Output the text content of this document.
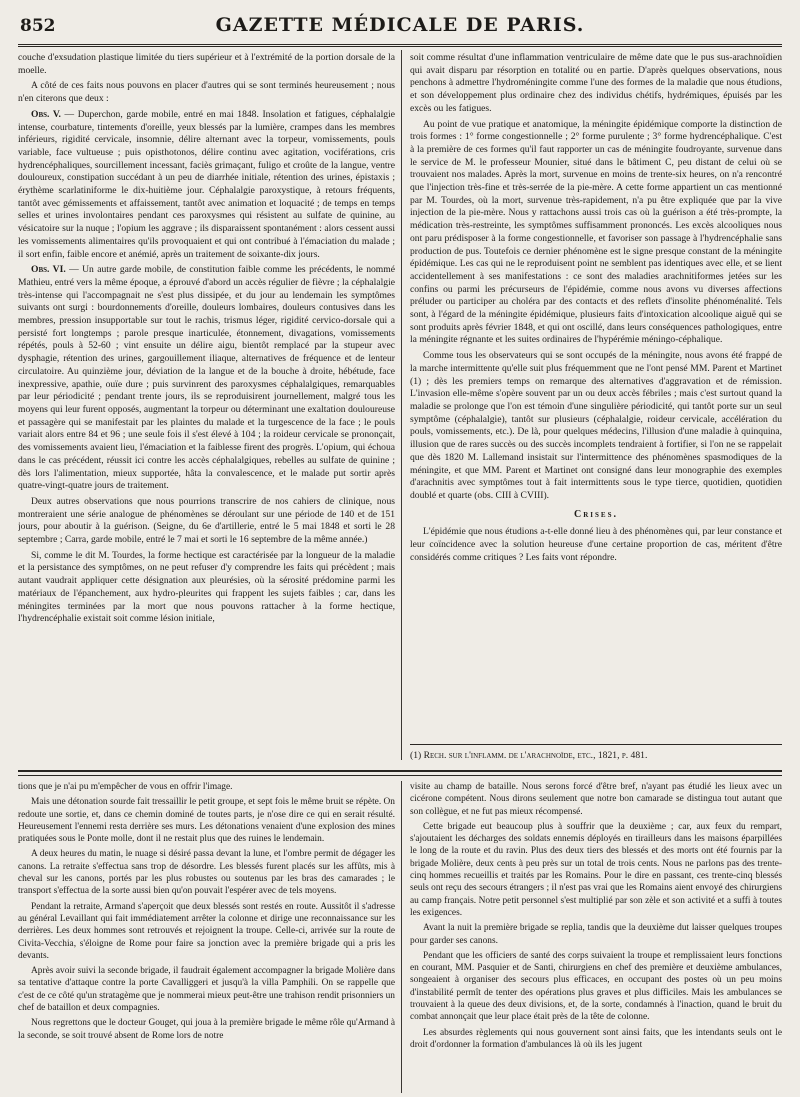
852	GAZETTE MÉDICALE DE PARIS.

couche d'exsudation plastique limitée du tiers supérieur et à l'extrémité de la portion dorsale de la moelle.

A côté de ces faits nous pouvons en placer d'autres qui se sont terminés heureusement ; nous n'en citerons que deux :

Obs. V. — Duperchon, garde mobile, entré en mai 1848. Insolation et fatigues, céphalalgie intense, courbature, tintements d'oreille, yeux blessés par la lumière, crampes dans les membres inférieurs, rigidité cervicale, insomnie, délire alternant avec la torpeur, vomissements, pouls variable, face vultueuse ; puis opisthotonos, délire continu avec agitation, vociférations, cris hydrencéphaliques, sourcillement incessant, faciès grimaçant, fuligo et croûte de la langue, ventre douloureux, constipation succédant à un peu de diarrhée initiale, rétention des urines, épistaxis ; érythème scarlatiniforme le dix-huitième jour. Céphalalgie paroxystique, à retours fréquents, tantôt avec gémissements et affaissement, tantôt avec animation et loquacité ; de temps en temps selles et urines involontaires pendant ces paroxysmes qui résistent au sulfate de quinine, au vésicatoire sur la nuque ; l'opium les aggrave ; ils disparaissent spontanément : alors cessent aussi les vomissements alimentaires qu'ils provoquaient et qui ont contribué à l'émaciation du malade ; il sort enfin, faible encore et anémié, après un traitement de soixante-dix jours.

Obs. VI. — Un autre garde mobile, de constitution faible comme les précédents, le nommé Mathieu, entré vers la même époque, a éprouvé d'abord un accès régulier de fièvre ; la céphalalgie très-intense qui l'accompagnait ne s'est plus dissipée, et du jour au lendemain les symptômes suivants ont surgi : bourdonnements d'oreille, douleurs lombaires, douleurs contusives dans les membres, pression insupportable sur tout le rachis, trismus léger, rigidité cervico-dorsale qui a persisté fort longtemps ; parole presque inarticulée, étonnement, divagations, vomissements répétés, pouls à 52-60 ; vint ensuite un délire aigu, bientôt remplacé par la stupeur avec dysphagie, rétention des urines, gargouillement iliaque, alternatives de fréquence et de lenteur circulatoire. Au quinzième jour, déviation de la langue et de la bouche à droite, hébétude, face inexpressive, apathie, ouïe dure ; puis survinrent des paroxysmes céphalalgiques, remarquables par leur périodicité ; pendant trente jours, ils se reproduisirent journellement, malgré tous les moyens qui leur furent opposés, augmentant la torpeur ou déterminant une exaltation douloureuse et passagère qui se manifestait par les plaintes du malade et la turgescence de la face ; le pouls variait alors entre 84 et 96 ; une seule fois il s'est élevé à 104 ; la roideur cervicale se prononçait, des vomissements avaient lieu, l'émaciation et la faiblesse firent des progrès. L'opium, qui échoua dans le cas précédent, réussit ici contre les accès céphalalgiques, rebelles au sulfate de quinine ; dès lors l'alimentation, mieux supportée, hâta la convalescence, et le malade put sortir après quatre-vingt-quatre jours de traitement.

Deux autres observations que nous pourrions transcrire de nos cahiers de clinique, nous montreraient une série analogue de phénomènes se déroulant sur une période de 140 et de 151 jours, pour aboutir à la guérison. (Seigne, du 6e d'artillerie, entré le 5 mai 1848 et sorti le 28 septembre ; Carra, garde mobile, entré le 7 mai et sorti le 16 septembre de la même année.)

Si, comme le dit M. Tourdes, la forme hectique est caractérisée par la longueur de la maladie et la persistance des symptômes, on ne peut refuser d'y comprendre les faits qui précèdent ; mais autant vaudrait appliquer cette désignation aux pleurésies, où la sérosité prédomine parmi les matériaux de l'épanchement, aux hydro-pleurites qui frappent les sujets faibles ; car, dans les méningites terminées par la mort que nous pouvons rattacher à la forme hectique, l'hydrencéphalie existait soit comme lésion initiale,

soit comme résultat d'une inflammation ventriculaire de même date que le pus sus-arachnoïdien qui avait disparu par résorption en totalité ou en partie. D'après quelques observations, nous penchons à admettre l'hydroméningite comme l'une des formes de la maladie que nous étudions, et son développement plus ordinaire chez des individus chétifs, hydrémiques, épuisés par les excès ou les fatigues.

Au point de vue pratique et anatomique, la méningite épidémique comporte la distinction de trois formes : 1° forme congestionnelle ; 2° forme purulente ; 3° forme hydrencéphalique. C'est à la première de ces formes qu'il faut rapporter un cas de méningite foudroyante, survenue dans le service de M. le professeur Mounier, situé dans le bâtiment C, peu distant de celui où se trouvaient nos malades. Après la mort, survenue en moins de trente-six heures, on n'a rencontré que l'injection très-fine et très-serrée de la pie-mère. A cette forme appartient un cas mentionné par M. Tourdes, où la mort, survenue très-rapidement, n'a pu être expliquée que par la vive injection de la pie-mère. Nous y rattachons aussi trois cas où la guérison a été très-prompte, la médication très-restreinte, les symptômes suffisamment prononcés. Les excès alcooliques nous ont paru prédisposer à la forme congestionnelle, et favoriser son passage à l'hydrencéphalie sans production de pus. Toutefois ce dernier phénomène est le signe presque constant de la méningite épidémique. Les cas qui ne le reproduisent point ne semblent pas identiques avec elle, et se lient accidentellement à ses manifestations : ce sont des maladies arachnitiformes jetées sur les confins ou parmi les précurseurs de l'épidémie, comme nous avons vu diverses affections préluder ou participer au choléra par des contacts et des reflets d'insolite phénoménalité. Tels sont, à l'égard de la méningite épidémique, plusieurs faits d'intoxication alcoolique aiguë qui se sont produits après février 1848, et qui ont oscillé, dans leurs conséquences pathologiques, entre la méningite régnante et les suites ordinaires de l'hypérémie méningo-céphalique.

Comme tous les observateurs qui se sont occupés de la méningite, nous avons été frappé de la marche intermittente qu'elle suit plus fréquemment que ne l'ont pensé MM. Parent et Martinet (1) ; dès les premiers temps on remarque des alternatives d'aggravation et de rémission. L'invasion elle-même s'opère souvent par un ou deux accès fébriles ; mais c'est surtout quand la maladie se prolonge que l'on est témoin d'une singulière périodicité, qui tantôt porte sur un seul symptôme (céphalalgie), tantôt sur plusieurs (céphalalgie, roideur cervicale, accélération du pouls, vomissements, etc.). De là, pour quelques médecins, l'illusion d'une maladie à quinquina, illusion que de rares succès ou des succès incomplets tendraient à fortifier, si l'on ne se rappelait que dès 1820 M. Lallemand insistait sur l'intermittence des phénomènes spasmodiques de la méningite, et que MM. Parent et Martinet ont consigné dans leur monographie des exemples d'arachnitis avec symptômes tout à fait intermittents sous le type tierce, quotidien, quotidien doublé et quarte (obs. CIII à CVIII).

Crises.

L'épidémie que nous étudions a-t-elle donné lieu à des phénomènes qui, par leur constance et leur coïncidence avec la solution heureuse d'une certaine proportion de cas, méritent d'être considérés comme critiques ? Les faits vont répondre.

(1) Rech. sur l'inflamm. de l'arachnoïde, etc., 1821, p. 481.

tions que je n'ai pu m'empêcher de vous en offrir l'image.

Mais une détonation sourde fait tressaillir le petit groupe, et sept fois le même bruit se répète. On redoute une sortie, et, dans ce chemin dominé de toutes parts, je n'ose dire ce qui en serait résulté. Heureusement l'ennemi resta derrière ses murs. Les détonations venaient d'une explosion des mines pratiquées sous le Ponte molle, dont il ne restait plus que des ruines le lendemain.

A deux heures du matin, le nuage si désiré passa devant la lune, et l'ombre permit de dégager les canons. La retraite s'effectua sans trop de désordre. Les blessés furent placés sur les affûts, mis à cheval sur les canons, portés par les plus robustes ou soutenus par les bras des camarades ; le transport s'effectua de la sorte aussi bien qu'on pouvait l'espérer avec de tels moyens.

Pendant la retraite, Armand s'aperçoit que deux blessés sont restés en route. Aussitôt il s'adresse au général Levaillant qui fait immédiatement arrêter la colonne et dirige une reconnaissance sur les derrières. Les deux hommes sont retrouvés et rejoignent la troupe. Celle-ci, arrivée sur la route de Civita-Vecchia, s'éloigne de Rome pour faire sa jonction avec la première brigade qui a pris les devants.

Après avoir suivi la seconde brigade, il faudrait également accompagner la brigade Molière dans sa tentative d'attaque contre la porte Cavalliggeri et jusqu'à la villa Pamphili. On se rappelle que c'est de ce côté qu'un stratagème que je nommerai mieux peut-être une trahison rendit prisonniers un chef de bataillon et deux compagnies.

Nous regrettons que le docteur Gouget, qui joua à la première brigade le même rôle qu'Armand à la seconde, se soit trouvé absent de Rome lors de notre

visite au champ de bataille. Nous serons forcé d'être bref, n'ayant pas étudié les lieux avec un cicérone compétent. Nous dirons seulement que notre bon camarade se distingua tout autant que son collègue, et ne fut pas mieux récompensé.

Cette brigade eut beaucoup plus à souffrir que la deuxième ; car, aux feux du rempart, s'ajoutaient les décharges des soldats ennemis déployés en tirailleurs dans les maisons éparpillées le long de la route et du ravin. Plus des deux tiers des blessés et des morts ont été fournis par la brigade Molière, deux cents à peu près sur un total de trois cents. Nous ne parlons pas des trente-cinq hommes recueillis et traités par les Romains. Pour le dire en passant, ces trente-cinq blessés seuls ont reçu des secours étrangers ; il n'est pas vrai que les Romains aient envoyé des chirurgiens au camp français. Notre petit personnel s'est multiplié par son zèle et son activité et a suffi à toutes les exigences.

Avant la nuit la première brigade se replia, tandis que la deuxième dut laisser quelques troupes pour garder ses canons.

Pendant que les officiers de santé des corps suivaient la troupe et remplissaient leurs fonctions en courant, MM. Pasquier et de Santi, chirurgiens en chef des première et deuxième ambulances, songeaient à organiser des secours plus efficaces, en occupant des postes où un peu moins d'instabilité permît de tenter des opérations plus graves et plus difficiles. Mais les ambulances se trouvaient à la queue des deux divisions, et, de la sorte, condamnés à l'inaction, quand le bruit du combat annonçait que leur place était près de la tête de colonne.

Les absurdes règlements qui nous gouvernent sont ainsi faits, que les intendants seuls ont le droit d'ordonner la formation d'ambulances là où ils les jugent
